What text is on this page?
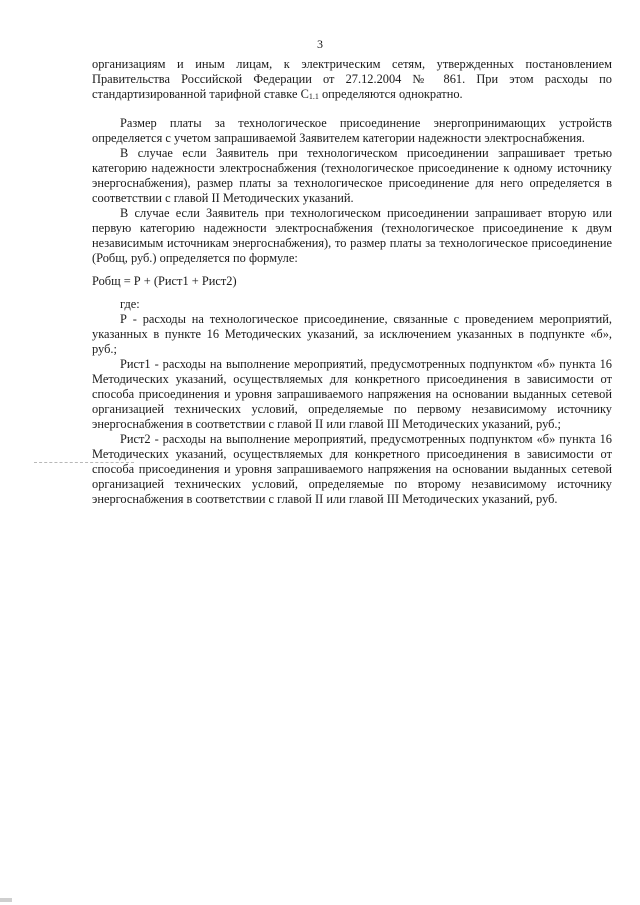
3

организациям и иным лицам, к электрическим сетям, утвержденных постановлением Правительства Российской Федерации от 27.12.2004 № 861. При этом расходы по стандартизированной тарифной ставке С1.1 определяются однократно.

Размер платы за технологическое присоединение энергопринимающих устройств определяется с учетом запрашиваемой Заявителем категории надежности электроснабжения.

В случае если Заявитель при технологическом присоединении запрашивает третью категорию надежности электроснабжения (технологическое присоединение к одному источнику энергоснабжения), размер платы за технологическое присоединение для него определяется в соответствии с главой II Методических указаний.

В случае если Заявитель при технологическом присоединении запрашивает вторую или первую категорию надежности электроснабжения (технологическое присоединение к двум независимым источникам энергоснабжения), то размер платы за технологическое присоединение (Робщ, руб.) определяется по формуле:

Робщ = Р + (Рист1 + Рист2)

где:

Р - расходы на технологическое присоединение, связанные с проведением мероприятий, указанных в пункте 16 Методических указаний, за исключением указанных в подпункте «б», руб.;

Рист1 - расходы на выполнение мероприятий, предусмотренных подпунктом «б» пункта 16 Методических указаний, осуществляемых для конкретного присоединения в зависимости от способа присоединения и уровня запрашиваемого напряжения на основании выданных сетевой организацией технических условий, определяемые по первому независимому источнику энергоснабжения в соответствии с главой II или главой III Методических указаний, руб.;

Рист2 - расходы на выполнение мероприятий, предусмотренных подпунктом «б» пункта 16 Методических указаний, осуществляемых для конкретного присоединения в зависимости от способа присоединения и уровня запрашиваемого напряжения на основании выданных сетевой организацией технических условий, определяемые по второму независимому источнику энергоснабжения в соответствии с главой II или главой III Методических указаний, руб.
